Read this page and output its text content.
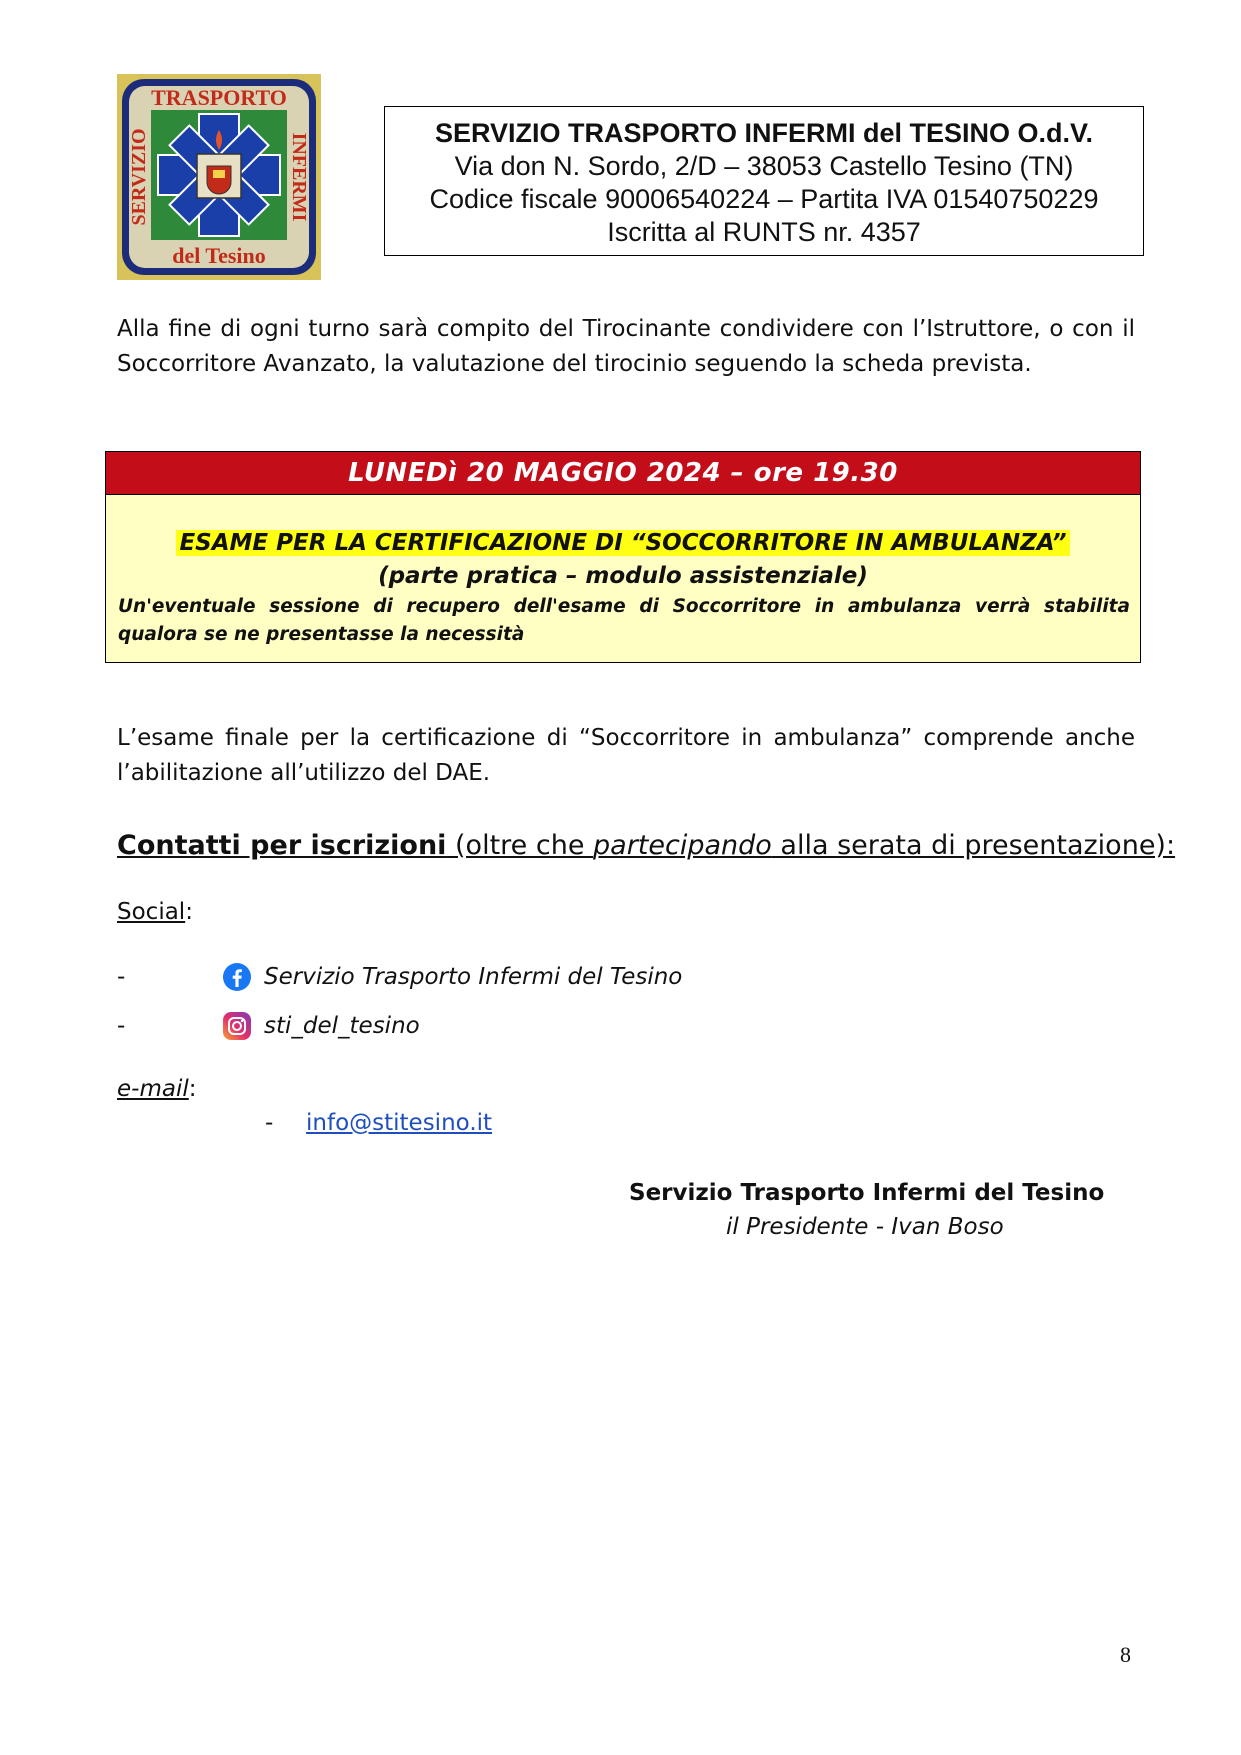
TRASPORTO
del Tesino
SERVIZIO	INFERMI	SERVIZIO TRASPORTO INFERMI del TESINO O.d.V.
Via don N. Sordo, 2/D – 38053 Castello Tesino (TN)
Codice fiscale 90006540224 – Partita IVA 01540750229
Iscritta al RUNTS nr. 4357
Alla fine di ogni turno sarà compito del Tirocinante condividere con l’Istruttore, o con il Soccorritore Avanzato, la valutazione del tirocinio seguendo la scheda prevista.
LUNEDì 20 MAGGIO 2024 – ore 19.30
ESAME PER LA CERTIFICAZIONE DI “SOCCORRITORE IN AMBULANZA”
(parte pratica – modulo assistenziale)
Un'eventuale sessione di recupero dell'esame di Soccorritore in ambulanza verrà stabilita qualora se ne presentasse la necessità
L’esame finale per la certificazione di “Soccorritore in ambulanza” comprende anche l’abilitazione all’utilizzo del DAE.
Contatti per iscrizioni (oltre che partecipando alla serata di presentazione):
Social:
-	Servizio Trasporto Infermi del Tesino
-	sti_del_tesino
e-mail:
- info@stitesino.it
Servizio Trasporto Infermi del Tesino
il Presidente - Ivan Boso
8
